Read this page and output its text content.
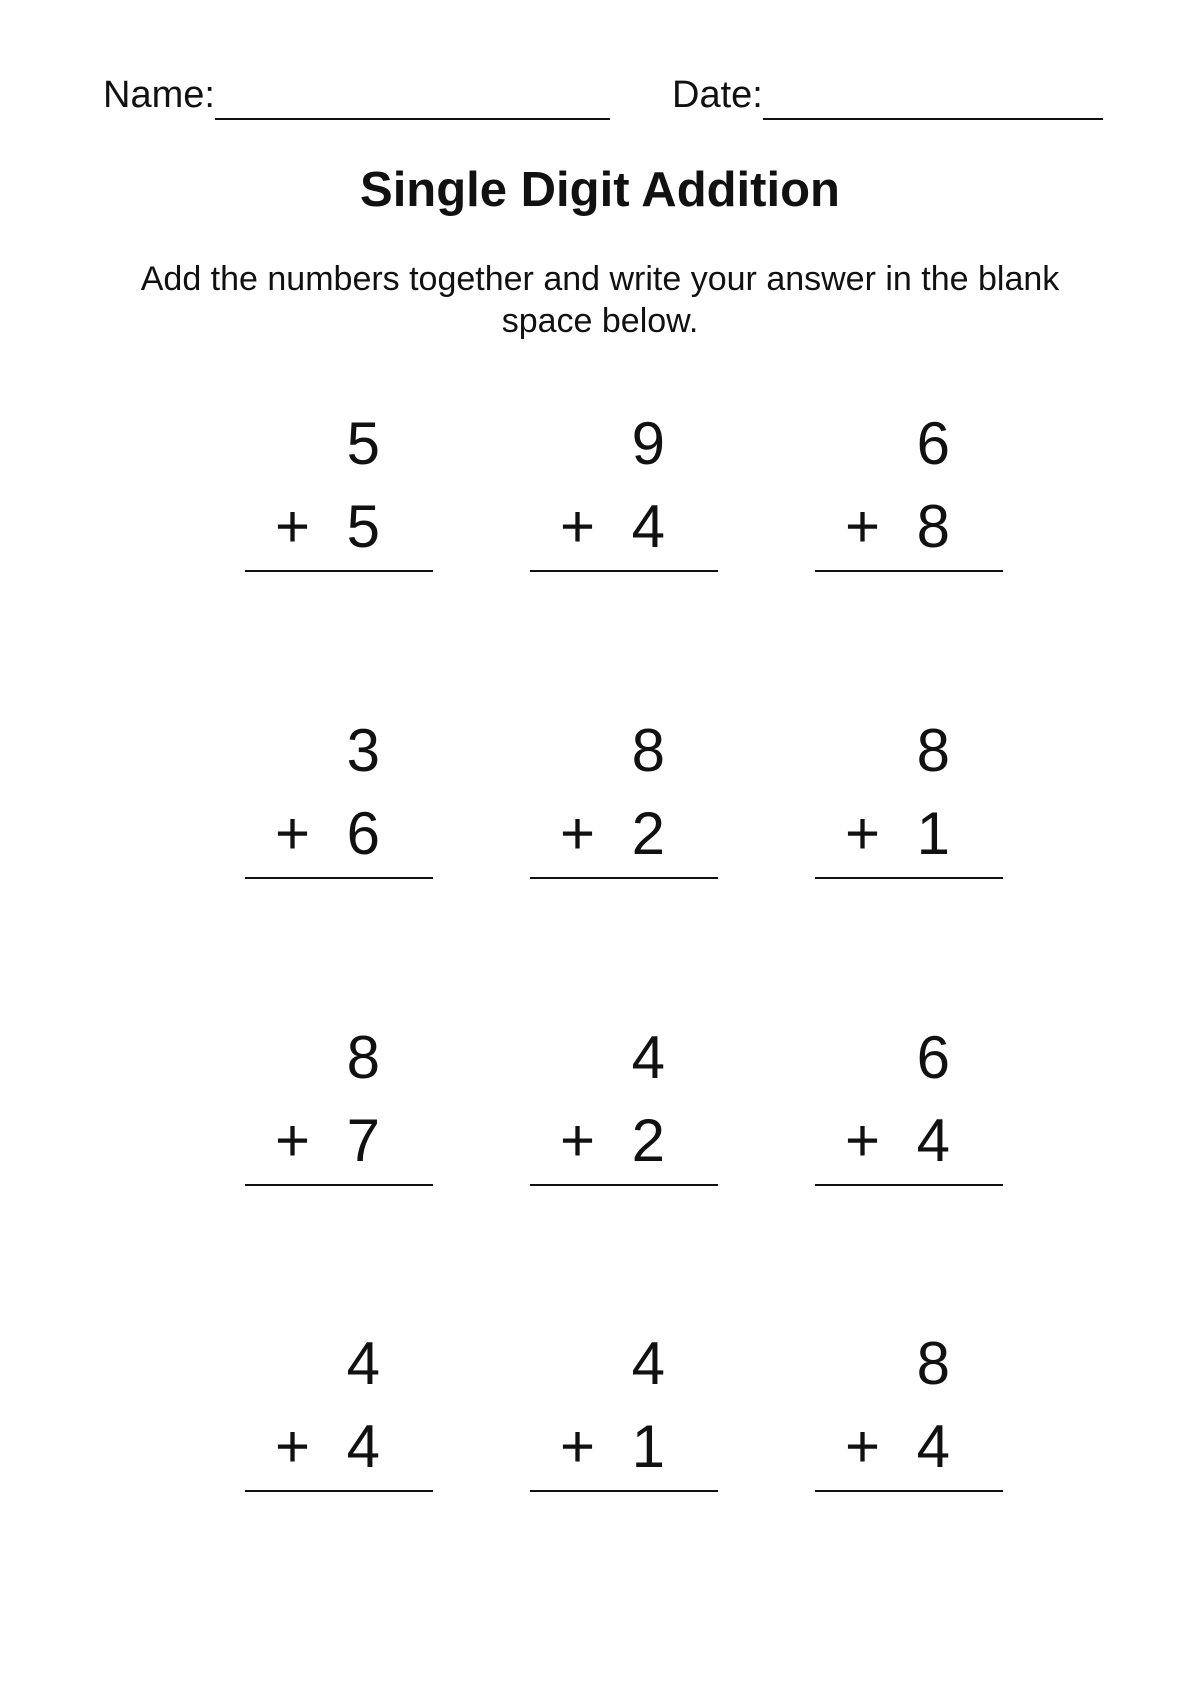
Name:	Date:
Single Digit Addition
Add the numbers together and write your answer in the blank space below.
5
+ 5
9
+ 4
6
+ 8
3
+ 6
8
+ 2
8
+ 1
8
+ 7
4
+ 2
6
+ 4
4
+ 4
4
+ 1
8
+ 4
